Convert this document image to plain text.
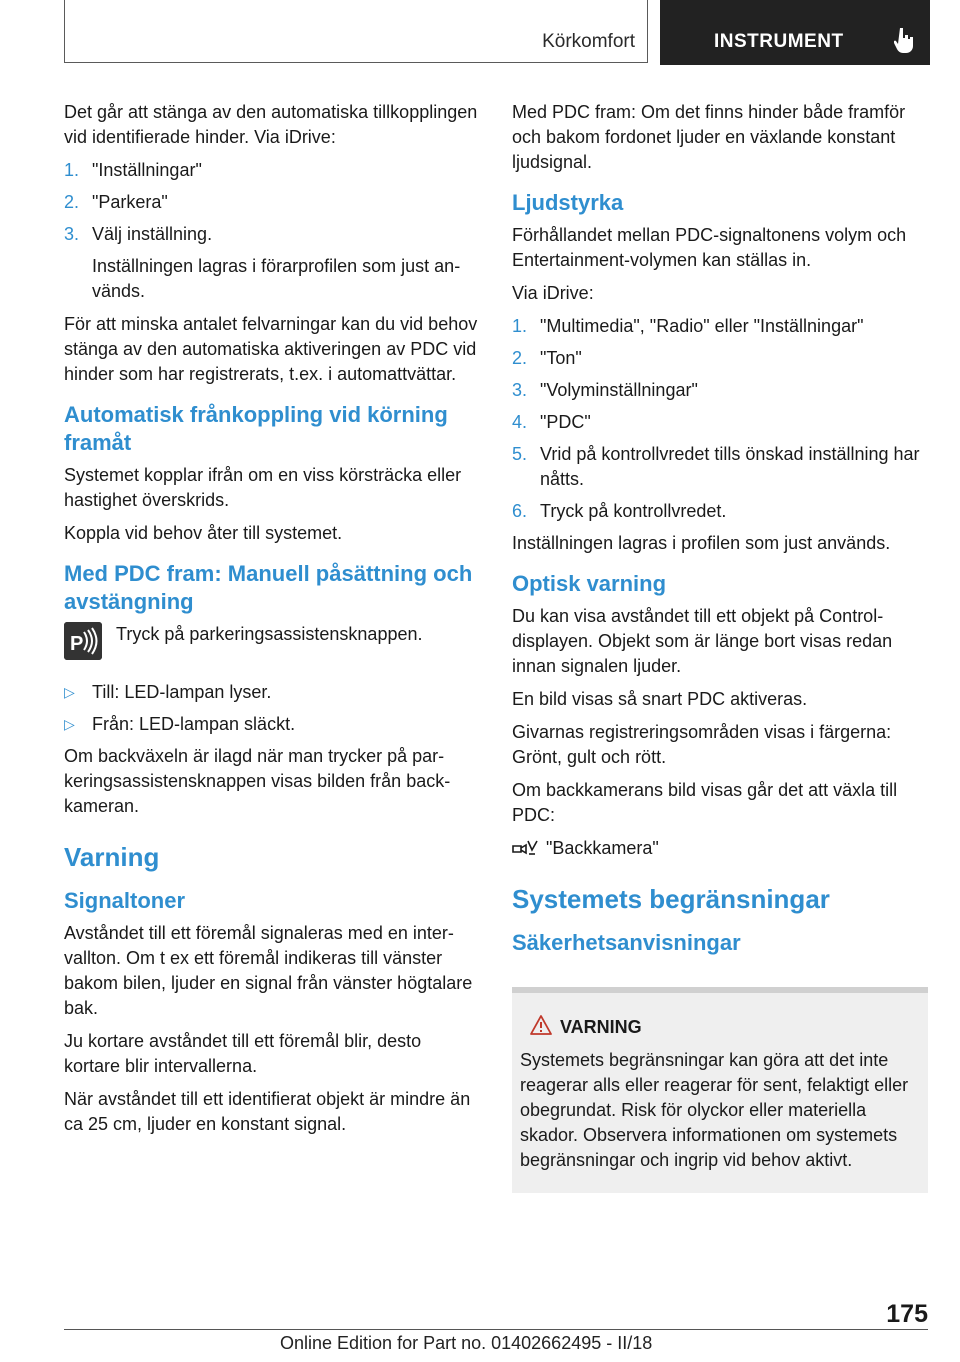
Körkomfort	INSTRUMENT

Det går att stänga av den automatiska tillkopplingen vid identifierade hinder. Via iDrive:

1. "Inställningar"
2. "Parkera"
3. Välj inställning.

Inställningen lagras i förarprofilen som just används.

För att minska antalet felvarningar kan du vid behov stänga av den automatiska aktiveringen av PDC vid hinder som har registrerats, t.ex. i automattvättar.

Automatisk frånkoppling vid körning framåt

Systemet kopplar ifrån om en viss körsträcka eller hastighet överskrids.

Koppla vid behov åter till systemet.

Med PDC fram: Manuell påsättning och avstängning
P	Tryck på parkeringsassistensknappen.
▷ Till: LED-lampan lyser.
▷ Från: LED-lampan släckt.

Om backväxeln är ilagd när man trycker på parkeringsassistensknappen visas bilden från backkameran.

Varning
Signaltoner

Avståndet till ett föremål signaleras med en intervallton. Om t ex ett föremål indikeras till vänster bakom bilen, ljuder en signal från vänster högtalare bak.

Ju kortare avståndet till ett föremål blir, desto kortare blir intervallerna.

När avståndet till ett identifierat objekt är mindre än ca 25 cm, ljuder en konstant signal.

Med PDC fram: Om det finns hinder både framför och bakom fordonet ljuder en växlande konstant ljudsignal.

Ljudstyrka

Förhållandet mellan PDC-signaltonens volym och Entertainment-volymen kan ställas in.

Via iDrive:

1. "Multimedia", "Radio" eller "Inställningar"
2. "Ton"
3. "Volyminställningar"
4. "PDC"
5. Vrid på kontrollvredet tills önskad inställning har nåtts.
6. Tryck på kontrollvredet.

Inställningen lagras i profilen som just används.

Optisk varning

Du kan visa avståndet till ett objekt på Control-displayen. Objekt som är länge bort visas redan innan signalen ljuder.

En bild visas så snart PDC aktiveras.

Givarnas registreringsområden visas i färgerna: Grönt, gult och rött.

Om backkamerans bild visas går det att växla till PDC:

"Backkamera"
Systemets begränsningar
Säkerhetsanvisningar
VARNING
Systemets begränsningar kan göra att det inte reagerar alls eller reagerar för sent, felaktigt eller obegrundat. Risk för olyckor eller materiella skador. Observera informationen om systemets begränsningar och ingrip vid behov aktivt.
175
Online Edition for Part no. 01402662495 - II/18
